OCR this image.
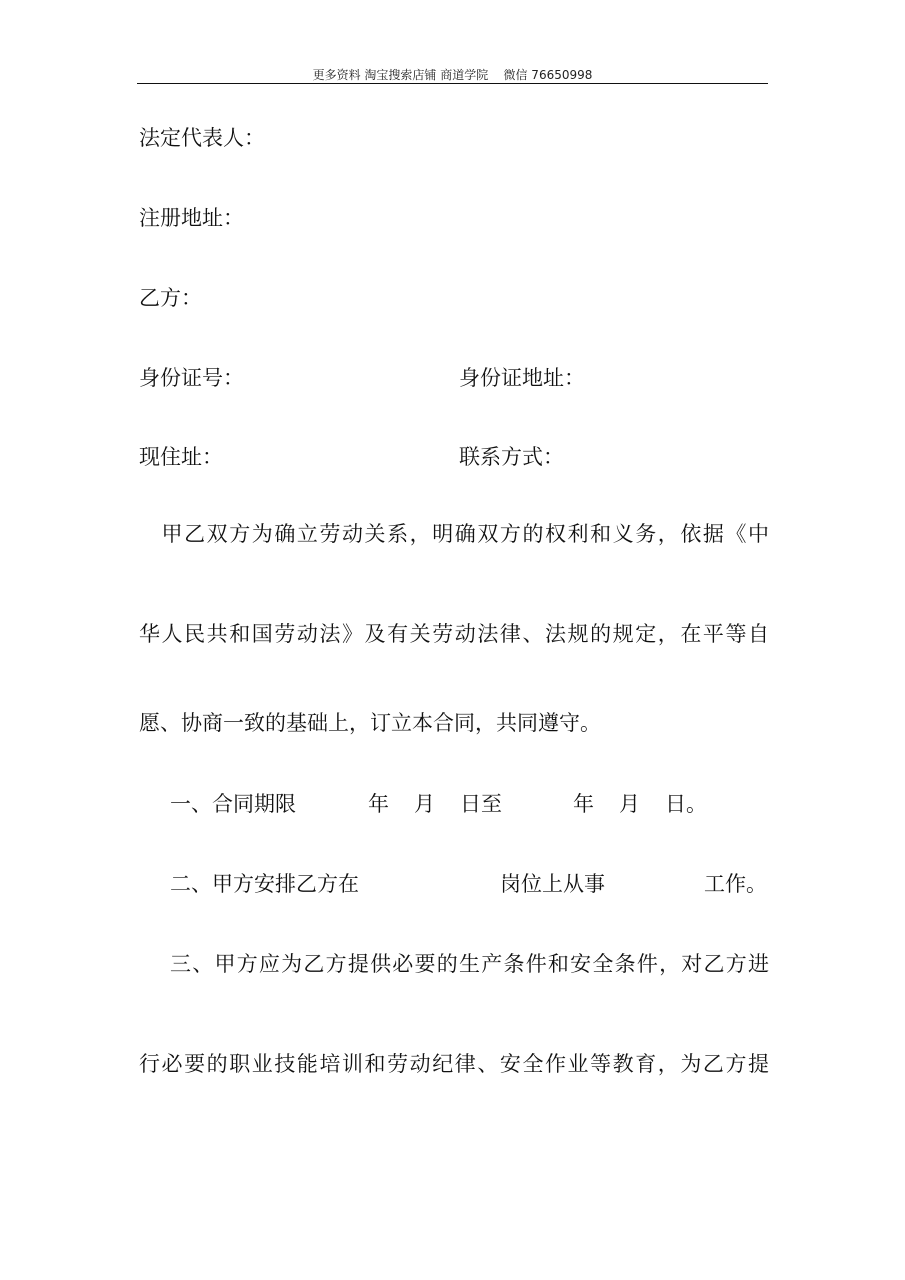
更多资料 淘宝搜索店铺 商道学院    微信 76650998
法定代表人：
注册地址：
乙方：
身份证号：	身份证地址：
现住址：	联系方式：
　甲乙双方为确立劳动关系，明确双方的权利和义务，依据《中
华人民共和国劳动法》及有关劳动法律、法规的规定，在平等自
愿、协商一致的基础上，订立本合同，共同遵守。
一、合同期限	年 月 日至	年 月 日。
二、甲方安排乙方在	岗位上从事	工作。
三、甲方应为乙方提供必要的生产条件和安全条件，对乙方进
行必要的职业技能培训和劳动纪律、安全作业等教育，为乙方提
